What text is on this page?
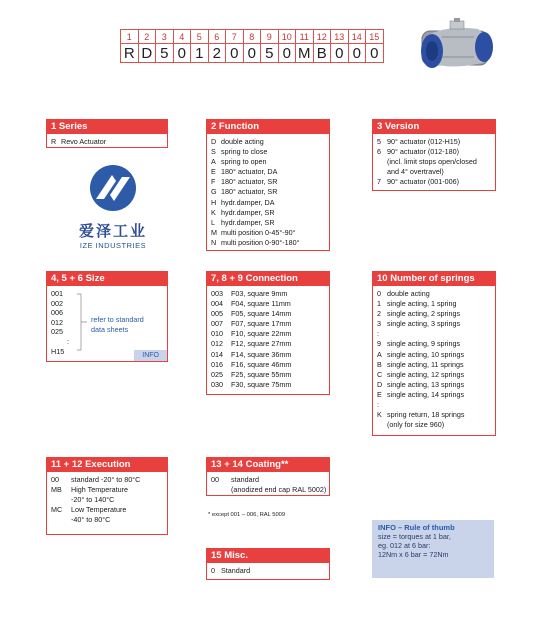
1	2	3	4	5	6	7	8	9	10	11	12	13	14	15
R	D	5	0	1	2	0	0	5	0	M	B	0	0	0
1 Series
R Revo Actuator
爱泽工业
IZE INDUSTRIES
2 Function
D double acting
S spring to close
A spring to open
E 180° actuator, DA
F 180° actuator, SR
G 180° actuator, SR
H hydr.damper, DA
K hydr.damper, SR
L hydr.damper, SR
M multi position 0-45°-90°
N multi position 0-90°-180°
3 Version
5 90° actuator (012-H15)
6 90° actuator (012-180)
(incl. limit stops open/closed
and 4° overtravel)
7 90° actuator (001-006)
4, 5 + 6 Size
001
002
006
012
025
:
H15
refer to standard
data sheets
INFO
7, 8 + 9 Connection
003	F03, square 9mm
004	F04, square 11mm
005	F05, square 14mm
007	F07, square 17mm
010	F10, square 22mm
012	F12, square 27mm
014	F14, square 36mm
016	F16, square 46mm
025	F25, square 55mm
030	F30, square 75mm
10 Number of springs
0 double acting
1 single acting, 1 spring
2 single acting, 2 springs
3 single acting, 3 springs
:
9 single acting, 9 springs
A single acting, 10 springs
B single acting, 11 springs
C single acting, 12 springs
D single acting, 13 springs
E single acting, 14 springs
:
K spring return, 18 springs
(only for size 960)
11 + 12 Execution
00	standard -20° to 80°C
MB	High Temperature
-20° to 140°C
MC	Low Temperature
-40° to 80°C
13 + 14 Coating**
00	standard
(anodized end cap RAL 5002)
* except 001 – 006, RAL 5009
15 Misc.
0 Standard
INFO – Rule of thumb
size = torques at 1 bar,
eg. 012 at 6 bar:
12Nm x 6 bar = 72Nm
